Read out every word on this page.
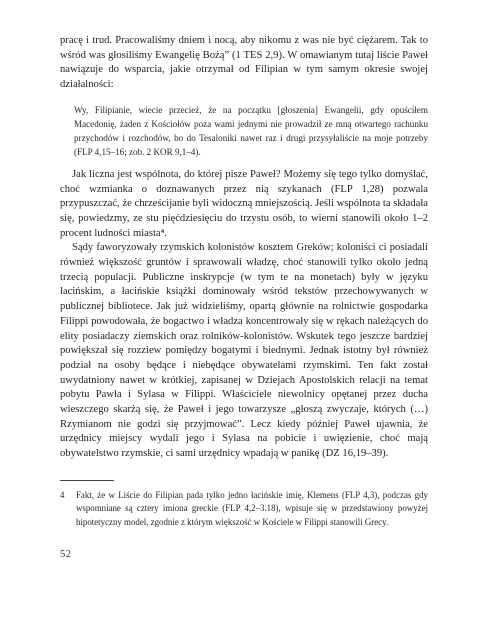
pracę i trud. Pracowaliśmy dniem i nocą, aby nikomu z was nie być ciężarem. Tak to wśród was głosiliśmy Ewangelię Bożą” (1 TES 2,9). W omawianym tutaj liście Paweł nawiązuje do wsparcia, jakie otrzymał od Filipian w tym samym okresie swojej działalności:

Wy, Filipianie, wiecie przecież, że na początku [głoszenia] Ewangelii, gdy opuściłem Macedonię, żaden z Kościołów poza wami jednymi nie prowadził ze mną otwartego rachunku przychodów i rozchodów, bo do Tesaloniki nawet raz i drugi przysyłaliście na moje potrzeby (FLP 4,15–16; zob. 2 KOR 9,1–4).

Jak liczna jest wspólnota, do której pisze Paweł? Możemy się tego tylko domyślać, choć wzmianka o doznawanych przez nią szykanach (FLP 1,28) pozwala przypuszczać, że chrześcijanie byli widoczną mniejszością. Jeśli wspólnota ta składała się, powiedzmy, ze stu pięćdziesięciu do trzystu osób, to wierni stanowili około 1–2 procent ludności miasta⁴.

Sądy faworyzowały rzymskich kolonistów kosztem Greków; koloniści ci posiadali również większość gruntów i sprawowali władzę, choć stanowili tylko około jedną trzecią populacji. Publiczne inskrypcje (w tym te na monetach) były w języku łacińskim, a łacińskie książki dominowały wśród tekstów przechowywanych w publicznej bibliotece. Jak już widzieliśmy, opartą głównie na rolnictwie gospodarka Filippi powodowała, że bogactwo i władza koncentrowały się w rękach należących do elity posiadaczy ziemskich oraz rolników-kolonistów. Wskutek tego jeszcze bardziej powiększał się rozziew pomiędzy bogatymi i biednymi. Jednak istotny był również podział na osoby będące i niebędące obywatelami rzymskimi. Ten fakt został uwydatniony nawet w krótkiej, zapisanej w Dziejach Apostolskich relacji na temat pobytu Pawła i Sylasa w Filippi. Właściciele niewolnicy opętanej przez ducha wieszczego skarżą się, że Paweł i jego towarzysze „głoszą zwyczaje, których (…) Rzymianom nie godzi się przyjmować”. Lecz kiedy później Paweł ujawnia, że urzędnicy miejscy wydali jego i Sylasa na pobicie i uwięzienie, choć mają obywatelstwo rzymskie, ci sami urzędnicy wpadają w panikę (DZ 16,19–39).

4	Fakt, że w Liście do Filipian pada tylko jedno łacińskie imię, Klemens (FLP 4,3), podczas gdy wspomniane są cztery imiona greckie (FLP 4,2–3.18), wpisuje się w przedstawiony powyżej hipotetyczny model, zgodnie z którym większość w Kościele w Filippi stanowili Grecy.
52
